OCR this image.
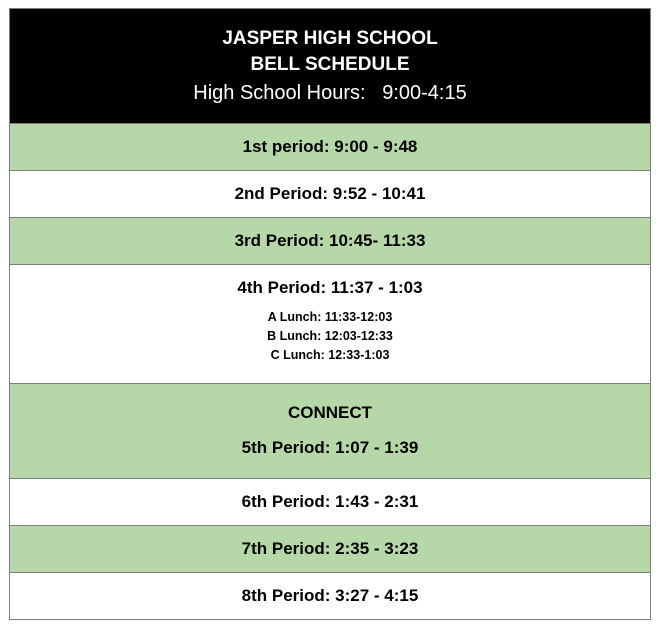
JASPER HIGH SCHOOL
BELL SCHEDULE
High School Hours:   9:00-4:15
1st period: 9:00 - 9:48
2nd Period: 9:52 - 10:41
3rd Period: 10:45- 11:33
4th Period: 11:37 - 1:03
A Lunch: 11:33-12:03
B Lunch: 12:03-12:33
C Lunch: 12:33-1:03
CONNECT
5th Period: 1:07 - 1:39
6th Period: 1:43 - 2:31
7th Period: 2:35 - 3:23
8th Period: 3:27 - 4:15
